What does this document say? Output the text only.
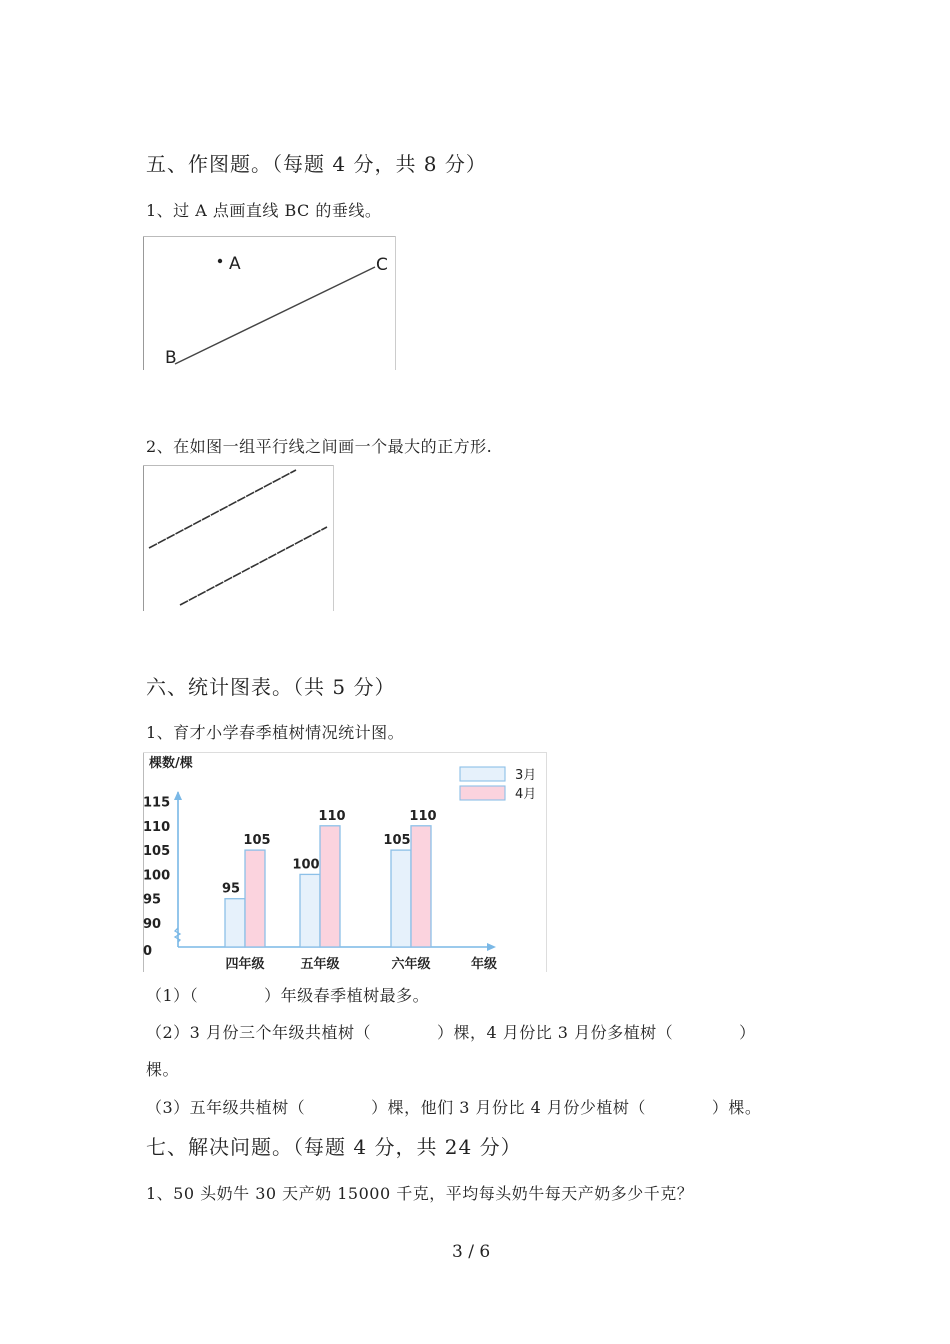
五、作图题。（每题 4 分，共 8 分）
1、过 A 点画直线 BC 的垂线。
A	C
B
2、在如图一组平行线之间画一个最大的正方形.
六、统计图表。（共 5 分）
1、育才小学春季植树情况统计图。
棵数/棵
年级
0
90
95
100
105
110
115
95
105
100
110
105
110
四年级	五年级	六年级
3月
4月
（1）（　　　　）年级春季植树最多。
（2）3 月份三个年级共植树（　　　　）棵，4 月份比 3 月份多植树（　　　　）
棵。
（3）五年级共植树（　　　　）棵，他们 3 月份比 4 月份少植树（　　　　）棵。
七、解决问题。（每题 4 分，共 24 分）
1、50 头奶牛 30 天产奶 15000 千克，平均每头奶牛每天产奶多少千克？
3 / 6
